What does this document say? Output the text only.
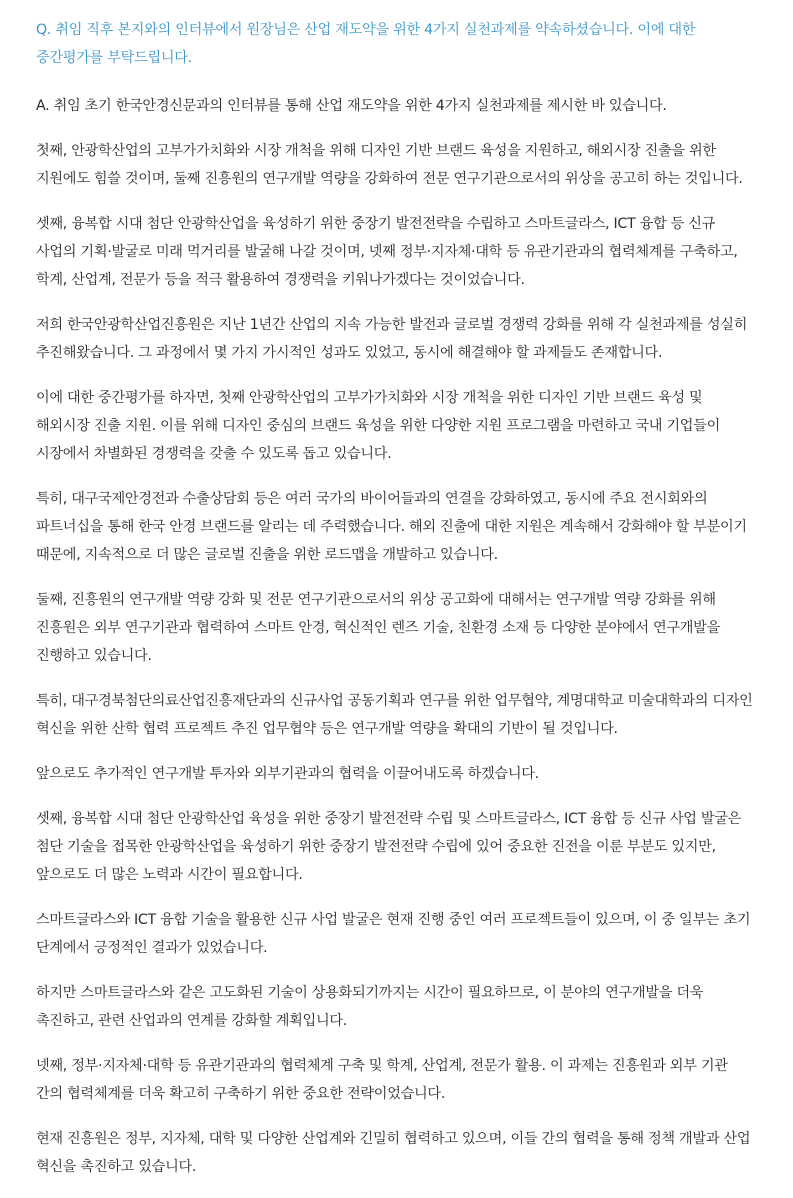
Q. 취임 직후 본지와의 인터뷰에서 원장님은 산업 재도약을 위한 4가지 실천과제를 약속하셨습니다. 이에 대한 중간평가를 부탁드립니다.

A. 취임 초기 한국안경신문과의 인터뷰를 통해 산업 재도약을 위한 4가지 실천과제를 제시한 바 있습니다.

첫째, 안광학산업의 고부가가치화와 시장 개척을 위해 디자인 기반 브랜드 육성을 지원하고, 해외시장 진출을 위한 지원에도 힘쓸 것이며, 둘째 진흥원의 연구개발 역량을 강화하여 전문 연구기관으로서의 위상을 공고히 하는 것입니다.

셋째, 융복합 시대 첨단 안광학산업을 육성하기 위한 중장기 발전전략을 수립하고 스마트글라스, ICT 융합 등 신규 사업의 기획·발굴로 미래 먹거리를 발굴해 나갈 것이며, 넷째 정부·지자체·대학 등 유관기관과의 협력체계를 구축하고, 학계, 산업계, 전문가 등을 적극 활용하여 경쟁력을 키워나가겠다는 것이었습니다.

저희 한국안광학산업진흥원은 지난 1년간 산업의 지속 가능한 발전과 글로벌 경쟁력 강화를 위해 각 실천과제를 성실히 추진해왔습니다. 그 과정에서 몇 가지 가시적인 성과도 있었고, 동시에 해결해야 할 과제들도 존재합니다.

이에 대한 중간평가를 하자면, 첫째 안광학산업의 고부가가치화와 시장 개척을 위한 디자인 기반 브랜드 육성 및 해외시장 진출 지원. 이를 위해 디자인 중심의 브랜드 육성을 위한 다양한 지원 프로그램을 마련하고 국내 기업들이 시장에서 차별화된 경쟁력을 갖출 수 있도록 돕고 있습니다.

특히, 대구국제안경전과 수출상담회 등은 여러 국가의 바이어들과의 연결을 강화하였고, 동시에 주요 전시회와의 파트너십을 통해 한국 안경 브랜드를 알리는 데 주력했습니다. 해외 진출에 대한 지원은 계속해서 강화해야 할 부분이기 때문에, 지속적으로 더 많은 글로벌 진출을 위한 로드맵을 개발하고 있습니다.

둘째, 진흥원의 연구개발 역량 강화 및 전문 연구기관으로서의 위상 공고화에 대해서는 연구개발 역량 강화를 위해 진흥원은 외부 연구기관과 협력하여 스마트 안경, 혁신적인 렌즈 기술, 친환경 소재 등 다양한 분야에서 연구개발을 진행하고 있습니다.

특히, 대구경북첨단의료산업진흥재단과의 신규사업 공동기획과 연구를 위한 업무협약, 계명대학교 미술대학과의 디자인 혁신을 위한 산학 협력 프로젝트 추진 업무협약 등은 연구개발 역량을 확대의 기반이 될 것입니다.

앞으로도 추가적인 연구개발 투자와 외부기관과의 협력을 이끌어내도록 하겠습니다.

셋째, 융복합 시대 첨단 안광학산업 육성을 위한 중장기 발전전략 수립 및 스마트글라스, ICT 융합 등 신규 사업 발굴은 첨단 기술을 접목한 안광학산업을 육성하기 위한 중장기 발전전략 수립에 있어 중요한 진전을 이룬 부분도 있지만, 앞으로도 더 많은 노력과 시간이 필요합니다.

스마트글라스와 ICT 융합 기술을 활용한 신규 사업 발굴은 현재 진행 중인 여러 프로젝트들이 있으며, 이 중 일부는 초기 단계에서 긍정적인 결과가 있었습니다.

하지만 스마트글라스와 같은 고도화된 기술이 상용화되기까지는 시간이 필요하므로, 이 분야의 연구개발을 더욱 촉진하고, 관련 산업과의 연계를 강화할 계획입니다.

넷째, 정부·지자체·대학 등 유관기관과의 협력체계 구축 및 학계, 산업계, 전문가 활용. 이 과제는 진흥원과 외부 기관 간의 협력체계를 더욱 확고히 구축하기 위한 중요한 전략이었습니다.

현재 진흥원은 정부, 지자체, 대학 및 다양한 산업계와 긴밀히 협력하고 있으며, 이들 간의 협력을 통해 정책 개발과 산업 혁신을 촉진하고 있습니다.
